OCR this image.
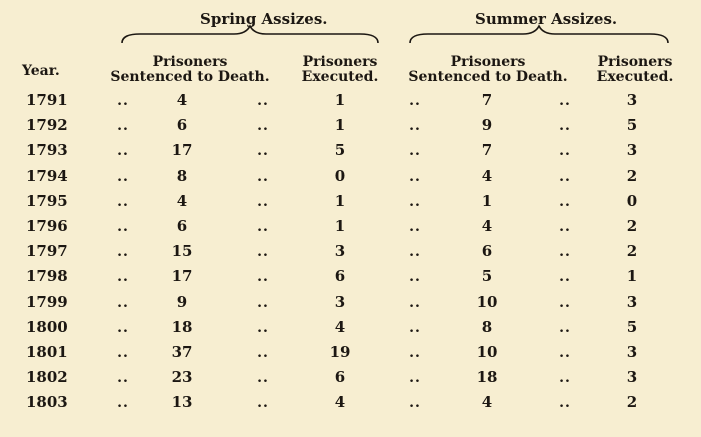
Spring Assizes.	Summer Assizes.
Year.
Prisoners
Sentenced to Death.
Prisoners
Executed.
Prisoners
Sentenced to Death.
Prisoners
Executed.
1791	..	4	..	1	..	7	..	3
1792	..	6	..	1	..	9	..	5
1793	..	17	..	5	..	7	..	3
1794	..	8	..	0	..	4	..	2
1795	..	4	..	1	..	1	..	0
1796	..	6	..	1	..	4	..	2
1797	..	15	..	3	..	6	..	2
1798	..	17	..	6	..	5	..	1
1799	..	9	..	3	..	10	..	3
1800	..	18	..	4	..	8	..	5
1801	..	37	..	19	..	10	..	3
1802	..	23	..	6	..	18	..	3
1803	..	13	..	4	..	4	..	2
